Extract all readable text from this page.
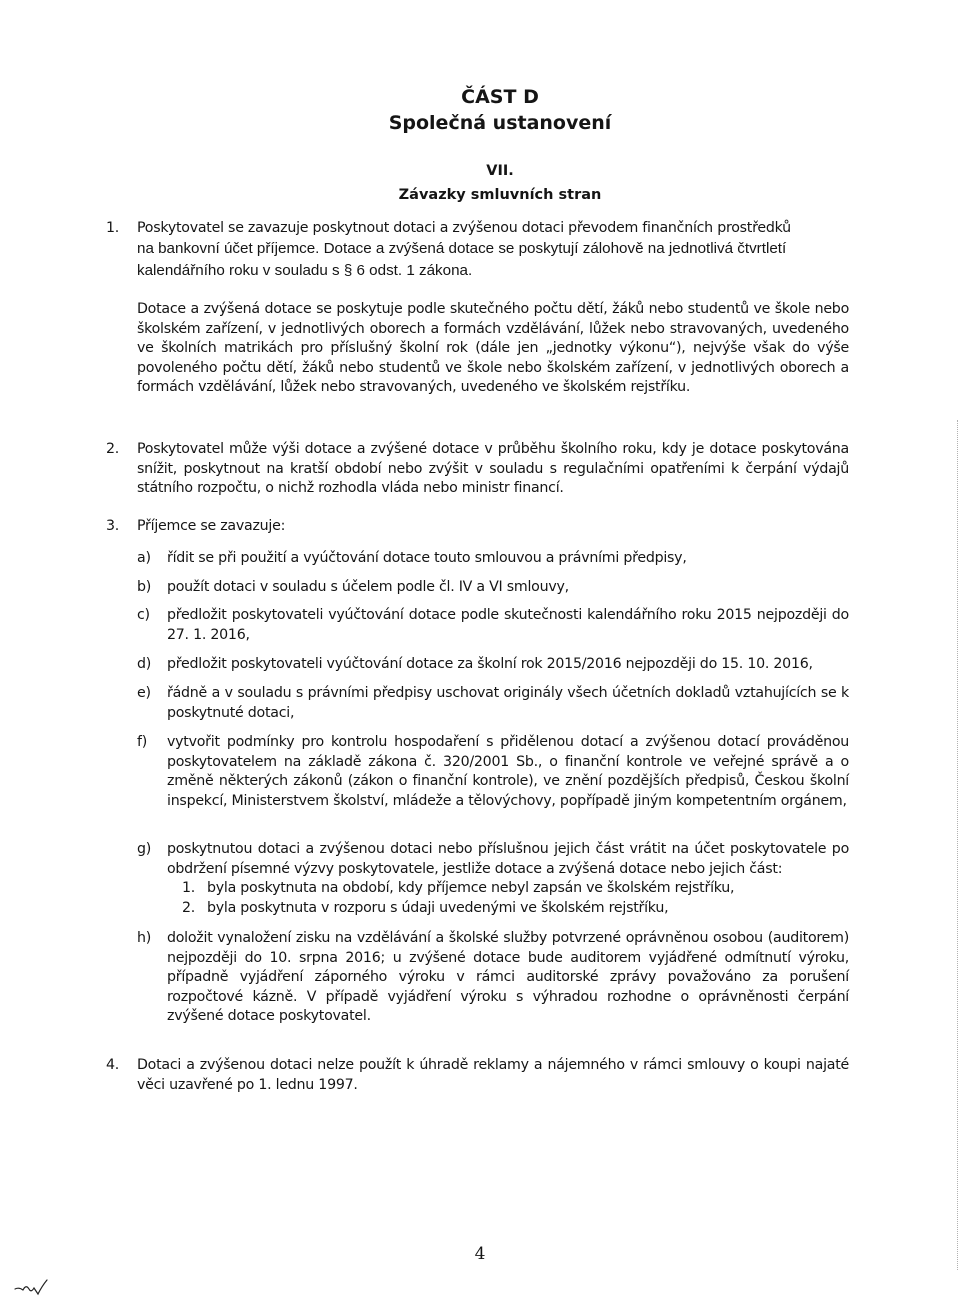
ČÁST D
Společná ustanovení
VII.
Závazky smluvních stran
1. Poskytovatel se zavazuje poskytnout dotaci a zvýšenou dotaci převodem finančních prostředků
na bankovní účet příjemce. Dotace a zvýšená dotace se poskytují zálohově na jednotlivá čtvrtletí
kalendářního roku v souladu s § 6 odst. 1 zákona.
Dotace a zvýšená dotace se poskytuje podle skutečného počtu dětí, žáků nebo studentů ve škole nebo školském zařízení, v jednotlivých oborech a formách vzdělávání, lůžek nebo stravovaných, uvedeného ve školních matrikách pro příslušný školní rok (dále jen „jednotky výkonu“), nejvýše však do výše povoleného počtu dětí, žáků nebo studentů ve škole nebo školském zařízení, v jednotlivých oborech a formách vzdělávání, lůžek nebo stravovaných, uvedeného ve školském rejstříku.
2. Poskytovatel může výši dotace a zvýšené dotace v průběhu školního roku, kdy je dotace poskytována snížit, poskytnout na kratší období nebo zvýšit v souladu s regulačními opatřeními k čerpání výdajů státního rozpočtu, o nichž rozhodla vláda nebo ministr financí.
3. Příjemce se zavazuje:
a) řídit se při použití a vyúčtování dotace touto smlouvou a právními předpisy,
b) použít dotaci v souladu s účelem podle čl. IV a VI smlouvy,
c) předložit poskytovateli vyúčtování dotace podle skutečnosti kalendářního roku 2015 nejpozději do 27. 1. 2016,
d) předložit poskytovateli vyúčtování dotace za školní rok 2015/2016 nejpozději do 15. 10. 2016,
e) řádně a v souladu s právními předpisy uschovat originály všech účetních dokladů vztahujících se k poskytnuté dotaci,
f) vytvořit podmínky pro kontrolu hospodaření s přidělenou dotací a zvýšenou dotací prováděnou poskytovatelem na základě zákona č. 320/2001 Sb., o finanční kontrole ve veřejné správě a o změně některých zákonů (zákon o finanční kontrole), ve znění pozdějších předpisů, Českou školní inspekcí, Ministerstvem školství, mládeže a tělovýchovy, popřípadě jiným kompetentním orgánem,
g) poskytnutou dotaci a zvýšenou dotaci nebo příslušnou jejich část vrátit na účet poskytovatele po obdržení písemné výzvy poskytovatele, jestliže dotace a zvýšená dotace nebo jejich část:
1. byla poskytnuta na období, kdy příjemce nebyl zapsán ve školském rejstříku,
2. byla poskytnuta v rozporu s údaji uvedenými ve školském rejstříku,
h) doložit vynaložení zisku na vzdělávání a školské služby potvrzené oprávněnou osobou (auditorem) nejpozději do 10. srpna 2016; u zvýšené dotace bude auditorem vyjádřené odmítnutí výroku, případně vyjádření záporného výroku v rámci auditorské zprávy považováno za porušení rozpočtové kázně. V případě vyjádření výroku s výhradou rozhodne o oprávněnosti čerpání zvýšené dotace poskytovatel.
4. Dotaci a zvýšenou dotaci nelze použít k úhradě reklamy a nájemného v rámci smlouvy o koupi najaté věci uzavřené po 1. lednu 1997.
4
